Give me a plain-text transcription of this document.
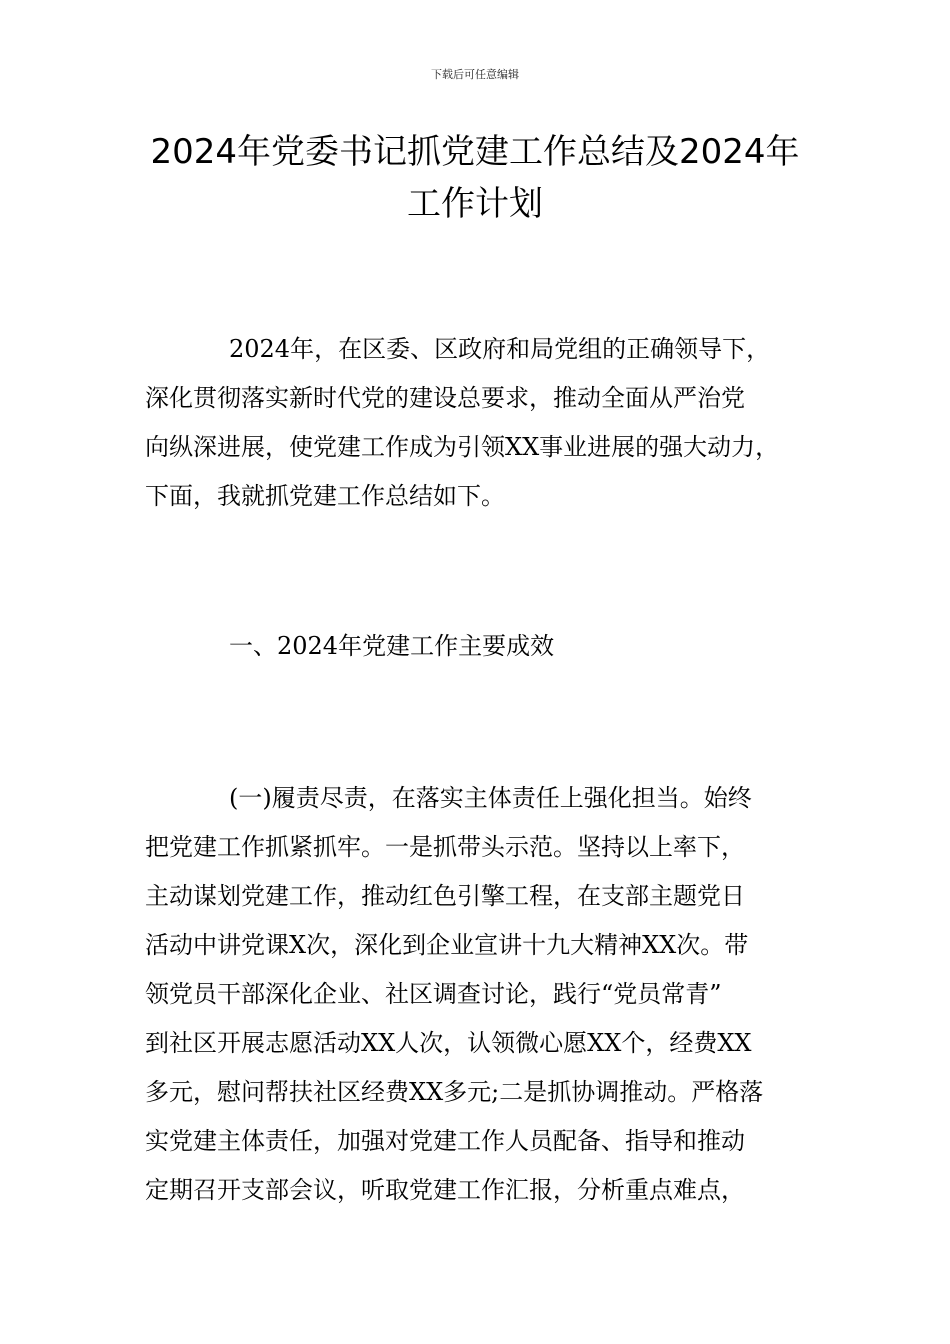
下载后可任意编辑
2024年党委书记抓党建工作总结及2024年
工作计划
2024年，在区委、区政府和局党组的正确领导下，
深化贯彻落实新时代党的建设总要求，推动全面从严治党
向纵深进展，使党建工作成为引领XX事业进展的强大动力，
下面，我就抓党建工作总结如下。
一、2024年党建工作主要成效
(一)履责尽责，在落实主体责任上强化担当。始终
把党建工作抓紧抓牢。一是抓带头示范。坚持以上率下，
主动谋划党建工作，推动红色引擎工程，在支部主题党日
活动中讲党课X次，深化到企业宣讲十九大精神XX次。带
领党员干部深化企业、社区调查讨论，践行“党员常青”
到社区开展志愿活动XX人次，认领微心愿XX个，经费XX
多元，慰问帮扶社区经费XX多元;二是抓协调推动。严格落
实党建主体责任，加强对党建工作人员配备、指导和推动
定期召开支部会议，听取党建工作汇报，分析重点难点，
